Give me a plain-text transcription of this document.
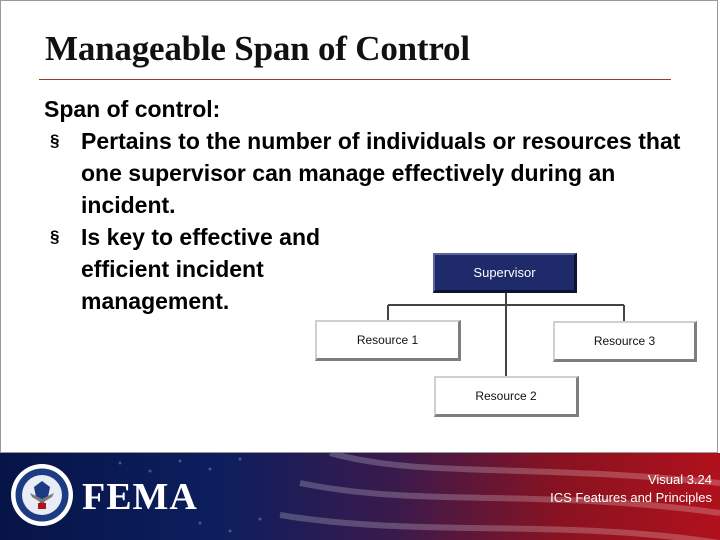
Manageable Span of Control

Span of control:

§ Pertains to the number of individuals or resources that one supervisor can manage effectively during an incident.

§ Is key to effective and efficient incident management.

Supervisor
Resource 1	Resource 3
Resource 2
FEMA	Visual 3.24
ICS Features and Principles
